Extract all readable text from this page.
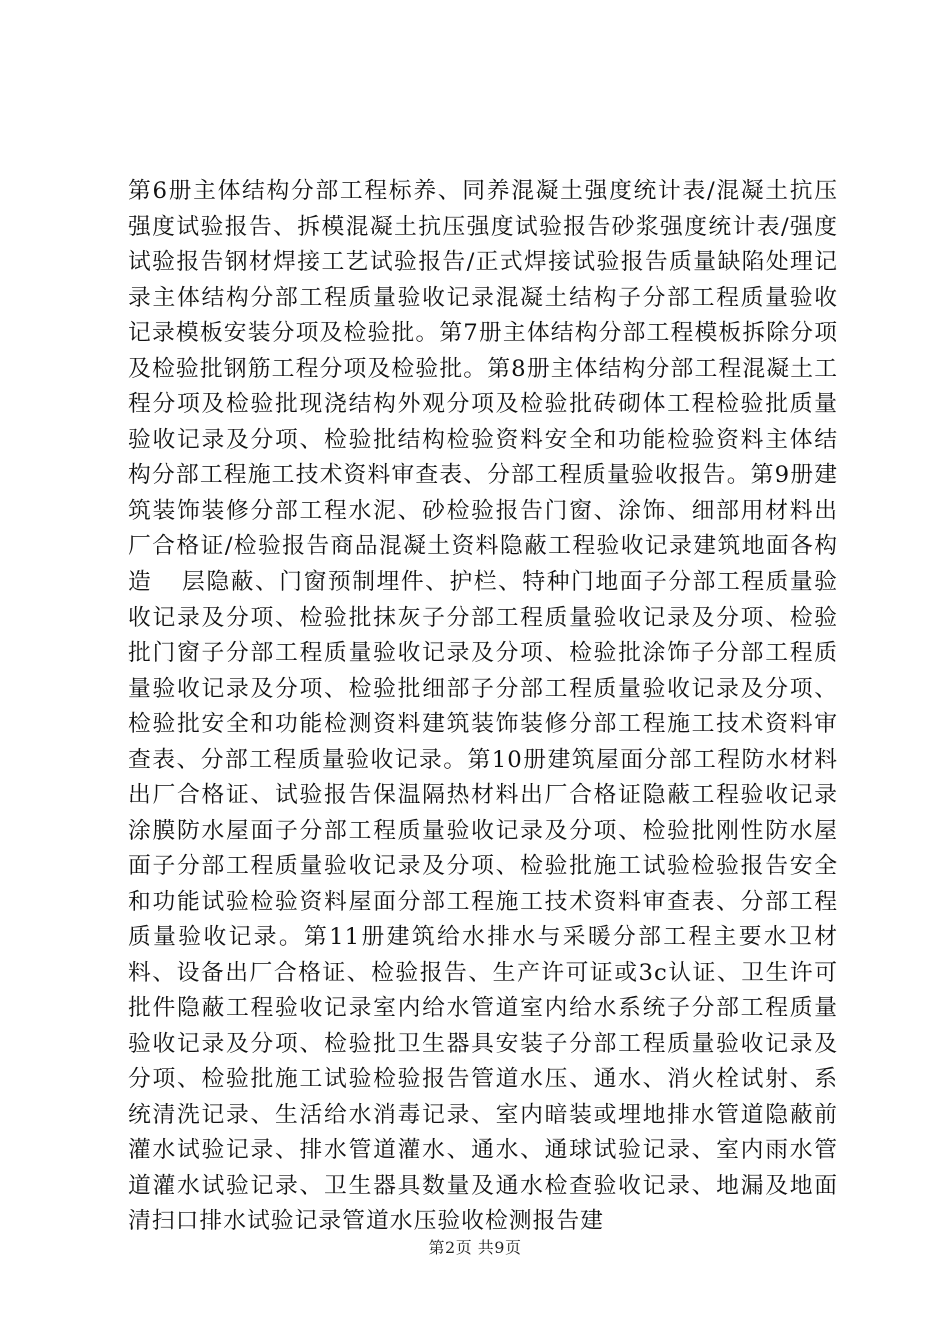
第6册主体结构分部工程标养、同养混凝土强度统计表/混凝土抗压强度试验报告、拆模混凝土抗压强度试验报告砂浆强度统计表/强度试验报告钢材焊接工艺试验报告/正式焊接试验报告质量缺陷处理记录主体结构分部工程质量验收记录混凝土结构子分部工程质量验收记录模板安装分项及检验批。第7册主体结构分部工程模板拆除分项及检验批钢筋工程分项及检验批。第8册主体结构分部工程混凝土工程分项及检验批现浇结构外观分项及检验批砖砌体工程检验批质量验收记录及分项、检验批结构检验资料安全和功能检验资料主体结构分部工程施工技术资料审查表、分部工程质量验收报告。第9册建筑装饰装修分部工程水泥、砂检验报告门窗、涂饰、细部用材料出厂合格证/检验报告商品混凝土资料隐蔽工程验收记录建筑地面各构造	层隐蔽、门窗预制埋件、护栏、特种门地面子分部工程质量验收记录及分项、检验批抹灰子分部工程质量验收记录及分项、检验批门窗子分部工程质量验收记录及分项、检验批涂饰子分部工程质量验收记录及分项、检验批细部子分部工程质量验收记录及分项、检验批安全和功能检测资料建筑装饰装修分部工程施工技术资料审查表、分部工程质量验收记录。第10册建筑屋面分部工程防水材料出厂合格证、试验报告保温隔热材料出厂合格证隐蔽工程验收记录涂膜防水屋面子分部工程质量验收记录及分项、检验批刚性防水屋面子分部工程质量验收记录及分项、检验批施工试验检验报告安全和功能试验检验资料屋面分部工程施工技术资料审查表、分部工程质量验收记录。第11册建筑给水排水与采暖分部工程主要水卫材料、设备出厂合格证、检验报告、生产许可证或3c认证、卫生许可批件隐蔽工程验收记录室内给水管道室内给水系统子分部工程质量验收记录及分项、检验批卫生器具安装子分部工程质量验收记录及分项、检验批施工试验检验报告管道水压、通水、消火栓试射、系统清洗记录、生活给水消毒记录、室内暗装或埋地排水管道隐蔽前灌水试验记录、排水管道灌水、通水、通球试验记录、室内雨水管道灌水试验记录、卫生器具数量及通水检查验收记录、地漏及地面清扫口排水试验记录管道水压验收检测报告建

第2页 共9页
